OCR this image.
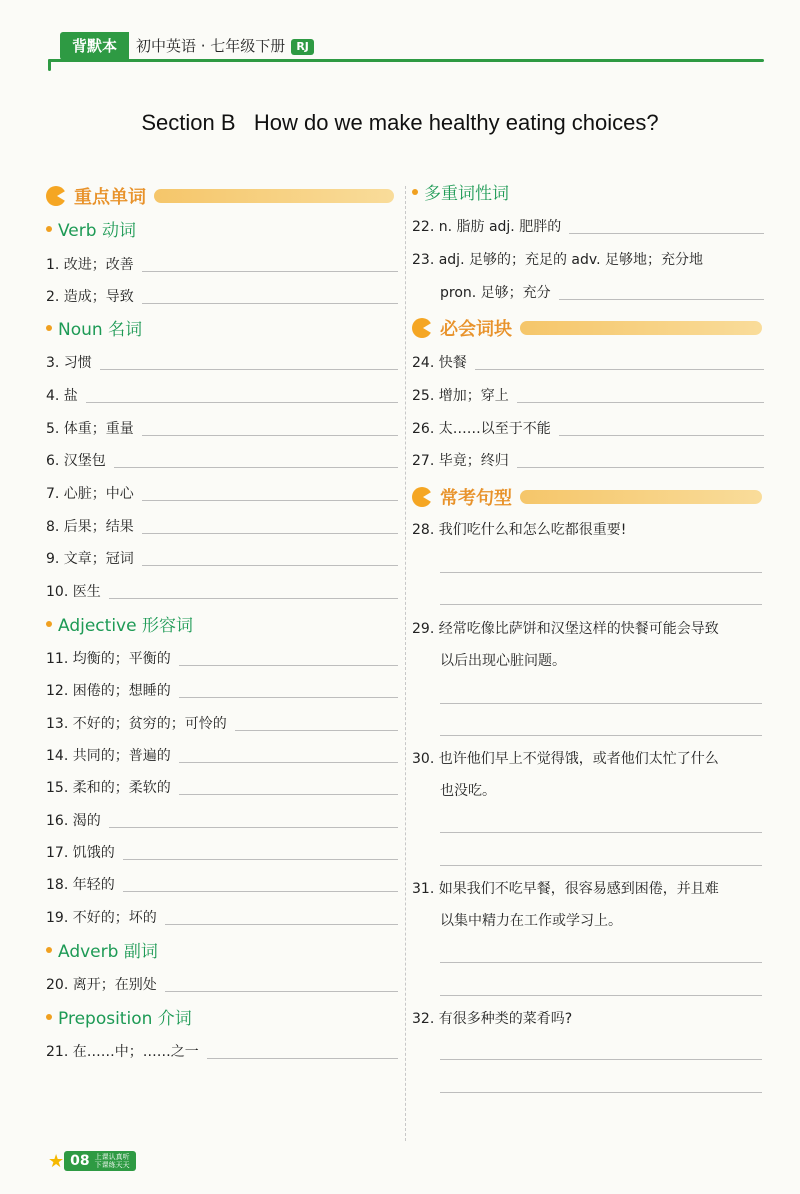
背默本	初中英语 · 七年级下册 RJ
Section B   How do we make healthy eating choices?
重点单词
Verb 动词
1. 改进；改善
2. 造成；导致
Noun 名词
3. 习惯
4. 盐
5. 体重；重量
6. 汉堡包
7. 心脏；中心
8. 后果；结果
9. 文章；冠词
10. 医生
Adjective 形容词
11. 均衡的；平衡的
12. 困倦的；想睡的
13. 不好的；贫穷的；可怜的
14. 共同的；普遍的
15. 柔和的；柔软的
16. 渴的
17. 饥饿的
18. 年轻的
19. 不好的；坏的
Adverb 副词
20. 离开；在别处
Preposition 介词
21. 在……中；……之一
多重词性词
22. n. 脂肪 adj. 肥胖的
23. adj. 足够的；充足的 adv. 足够地；充分地
pron. 足够；充分
必会词块
24. 快餐
25. 增加；穿上
26. 太……以至于不能
27. 毕竟；终归
常考句型
28. 我们吃什么和怎么吃都很重要!
29. 经常吃像比萨饼和汉堡这样的快餐可能会导致
以后出现心脏问题。
30. 也许他们早上不觉得饿，或者他们太忙了什么
也没吃。
31. 如果我们不吃早餐，很容易感到困倦，并且难
以集中精力在工作或学习上。
32. 有很多种类的菜肴吗?
★ 08 上课认真听
下课练天天
